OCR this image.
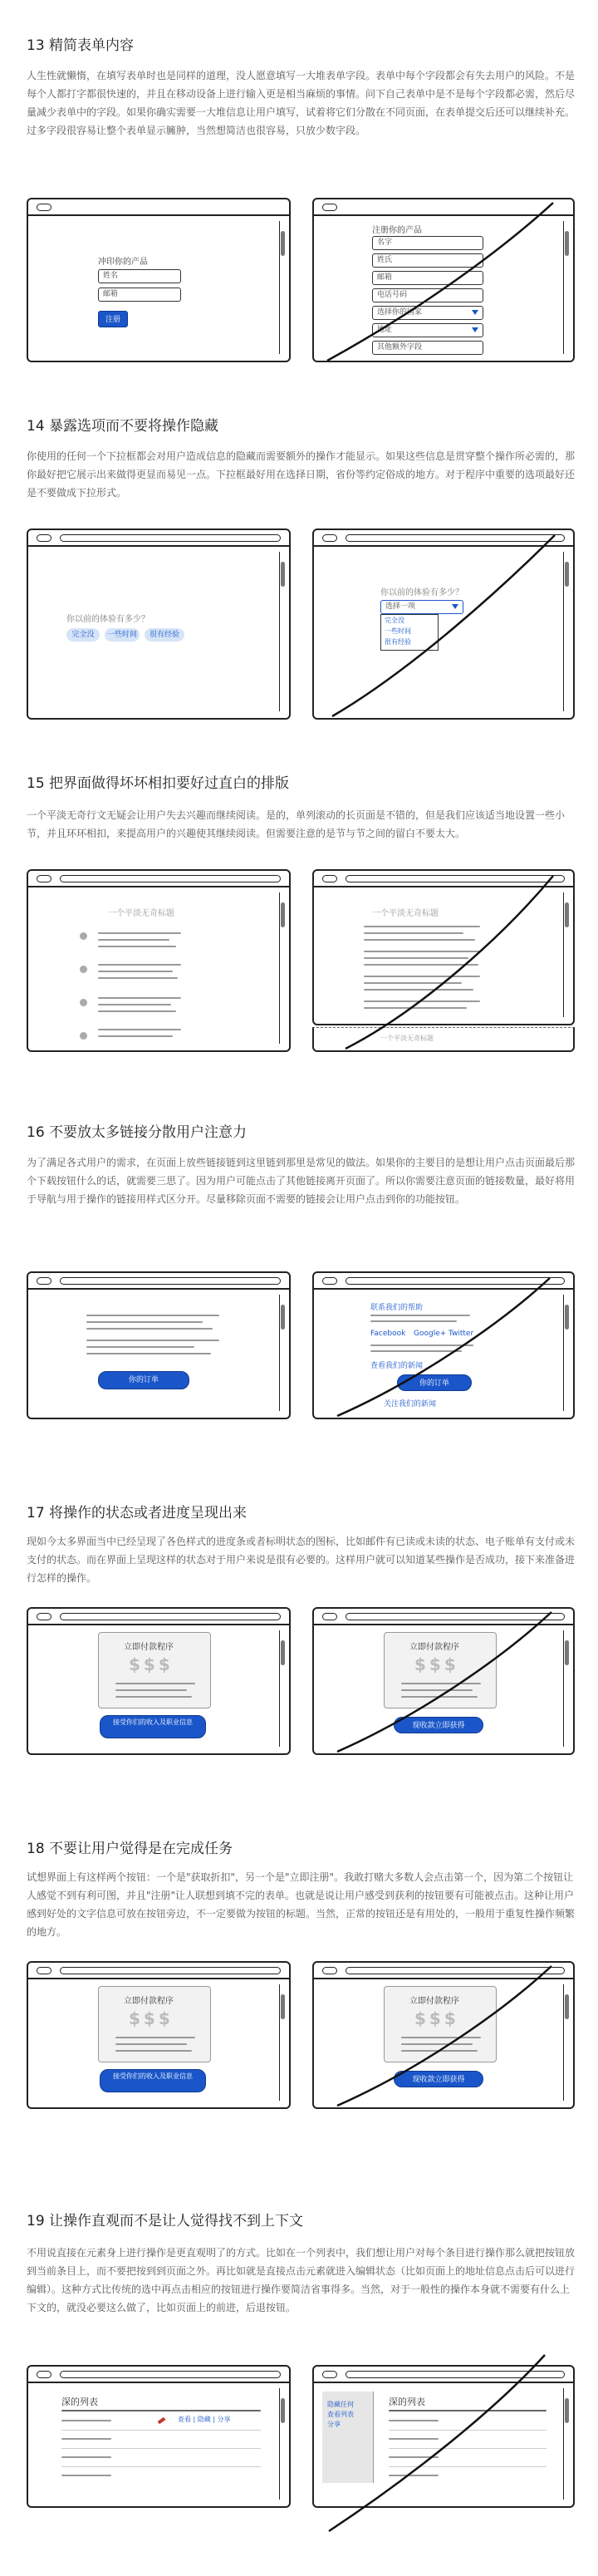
13 精简表单内容
人生性就懒惰，在填写表单时也是同样的道理，没人愿意填写一大堆表单字段。表单中每个字段都会有失去用户的风险。不是每个人都打字都很快速的，并且在移动设备上进行输入更是相当麻烦的事情。问下自己表单中是不是每个字段都必需，然后尽量减少表单中的字段。如果你确实需要一大堆信息让用户填写，试着将它们分散在不同页面，在表单提交后还可以继续补充。过多字段很容易让整个表单显示臃肿，当然想简洁也很容易，只放少数字段。
冲印你的产品
姓名
邮箱
注册
注册你的产品
名字
姓氏
邮箱
电话号码
选择你的国家
地址
其他额外字段
14 暴露选项而不要将操作隐藏
你使用的任何一个下拉框都会对用户造成信息的隐藏而需要额外的操作才能显示。如果这些信息是贯穿整个操作所必需的，那你最好把它展示出来做得更显而易见一点。下拉框最好用在选择日期，省份等约定俗成的地方。对于程序中重要的选项最好还是不要做成下拉形式。
你以前的体验有多少？
完全没	一些时间	很有经验
你以前的体验有多少？
选择一项
完全没
一些时间
很有经验
15 把界面做得坏坏相扣要好过直白的排版
一个平淡无奇行文无疑会让用户失去兴趣而继续阅读。是的，单列滚动的长页面是不错的，但是我们应该适当地设置一些小节，并且环环相扣，来提高用户的兴趣使其继续阅读。但需要注意的是节与节之间的留白不要太大。
一个平淡无奇标题	一个平淡无奇标题
一个平淡无奇标题
16 不要放太多链接分散用户注意力
为了满足各式用户的需求，在页面上放些链接链到这里链到那里是常见的做法。如果你的主要目的是想让用户点击页面最后那个下载按钮什么的话，就需要三思了。因为用户可能点击了其他链接离开页面了。所以你需要注意页面的链接数量，最好将用于导航与用于操作的链接用样式区分开。尽量移除页面不需要的链接会让用户点击到你的功能按钮。
你的订单
联系我们的帮助
Facebook Google+ Twitter
查看我们的新闻
你的订单
关注我们的新闻
17 将操作的状态或者进度呈现出来
现如今太多界面当中已经呈现了各色样式的进度条或者标明状态的图标，比如邮件有已读或未读的状态、电子账单有支付或未支付的状态。而在界面上呈现这样的状态对于用户来说是很有必要的。这样用户就可以知道某些操作是否成功，接下来准备进行怎样的操作。
立即付款程序
$$$
接受你们的收入及职业信息
立即付款程序
$$$
现收款立即获得
18 不要让用户觉得是在完成任务
试想界面上有这样两个按钮：一个是"获取折扣"，另一个是"立即注册"。我敢打赌大多数人会点击第一个，因为第二个按钮让人感觉不到有利可图，并且"注册"让人联想到填不完的表单。也就是说让用户感受到获利的按钮要有可能被点击。这种让用户感到好处的文字信息可放在按钮旁边，不一定要做为按钮的标题。当然，正常的按钮还是有用处的，一般用于重复性操作频繁的地方。
立即付款程序
$$$
接受你们的收入及职业信息
立即付款程序
$$$
现收款立即获得
19 让操作直观而不是让人觉得找不到上下文
不用说直接在元素身上进行操作是更直观明了的方式。比如在一个列表中，我们想让用户对每个条目进行操作那么就把按钮放到当前条目上，而不要把按到到页面之外。再比如就是直接点击元素就进入编辑状态（比如页面上的地址信息点击后可以进行编辑）。这种方式比传统的选中再点击相应的按钮进行操作要简洁省事得多。当然，对于一般性的操作本身就不需要有什么上下文的，就没必要这么做了，比如页面上的前进，后退按钮。
深的列表
查看 | 隐藏 | 分享
隐藏任何
查看列表
分享
深的列表
